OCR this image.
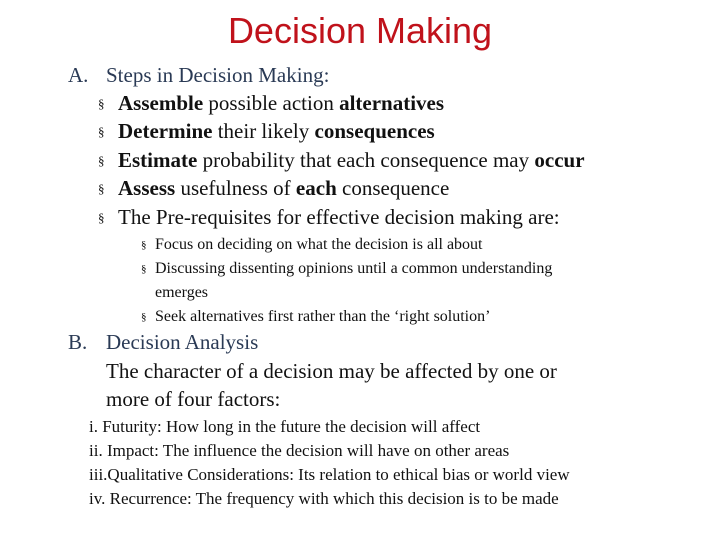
Decision Making
A. Steps in Decision Making:
§ Assemble possible action alternatives
§ Determine their likely consequences
§ Estimate probability that each consequence may occur
§ Assess usefulness of each consequence
§ The Pre-requisites for effective decision making are:
§ Focus on deciding on what the decision is all about
§ Discussing dissenting opinions until a common understanding
emerges
§ Seek alternatives first rather than the ‘right solution’
B. Decision Analysis
The character of a decision may be affected by one or
more of four factors:
i. Futurity: How long in the future the decision will affect
ii. Impact: The influence the decision will have on other areas
iii.Qualitative Considerations: Its relation to ethical bias or world view
iv. Recurrence: The frequency with which this decision is to be made
